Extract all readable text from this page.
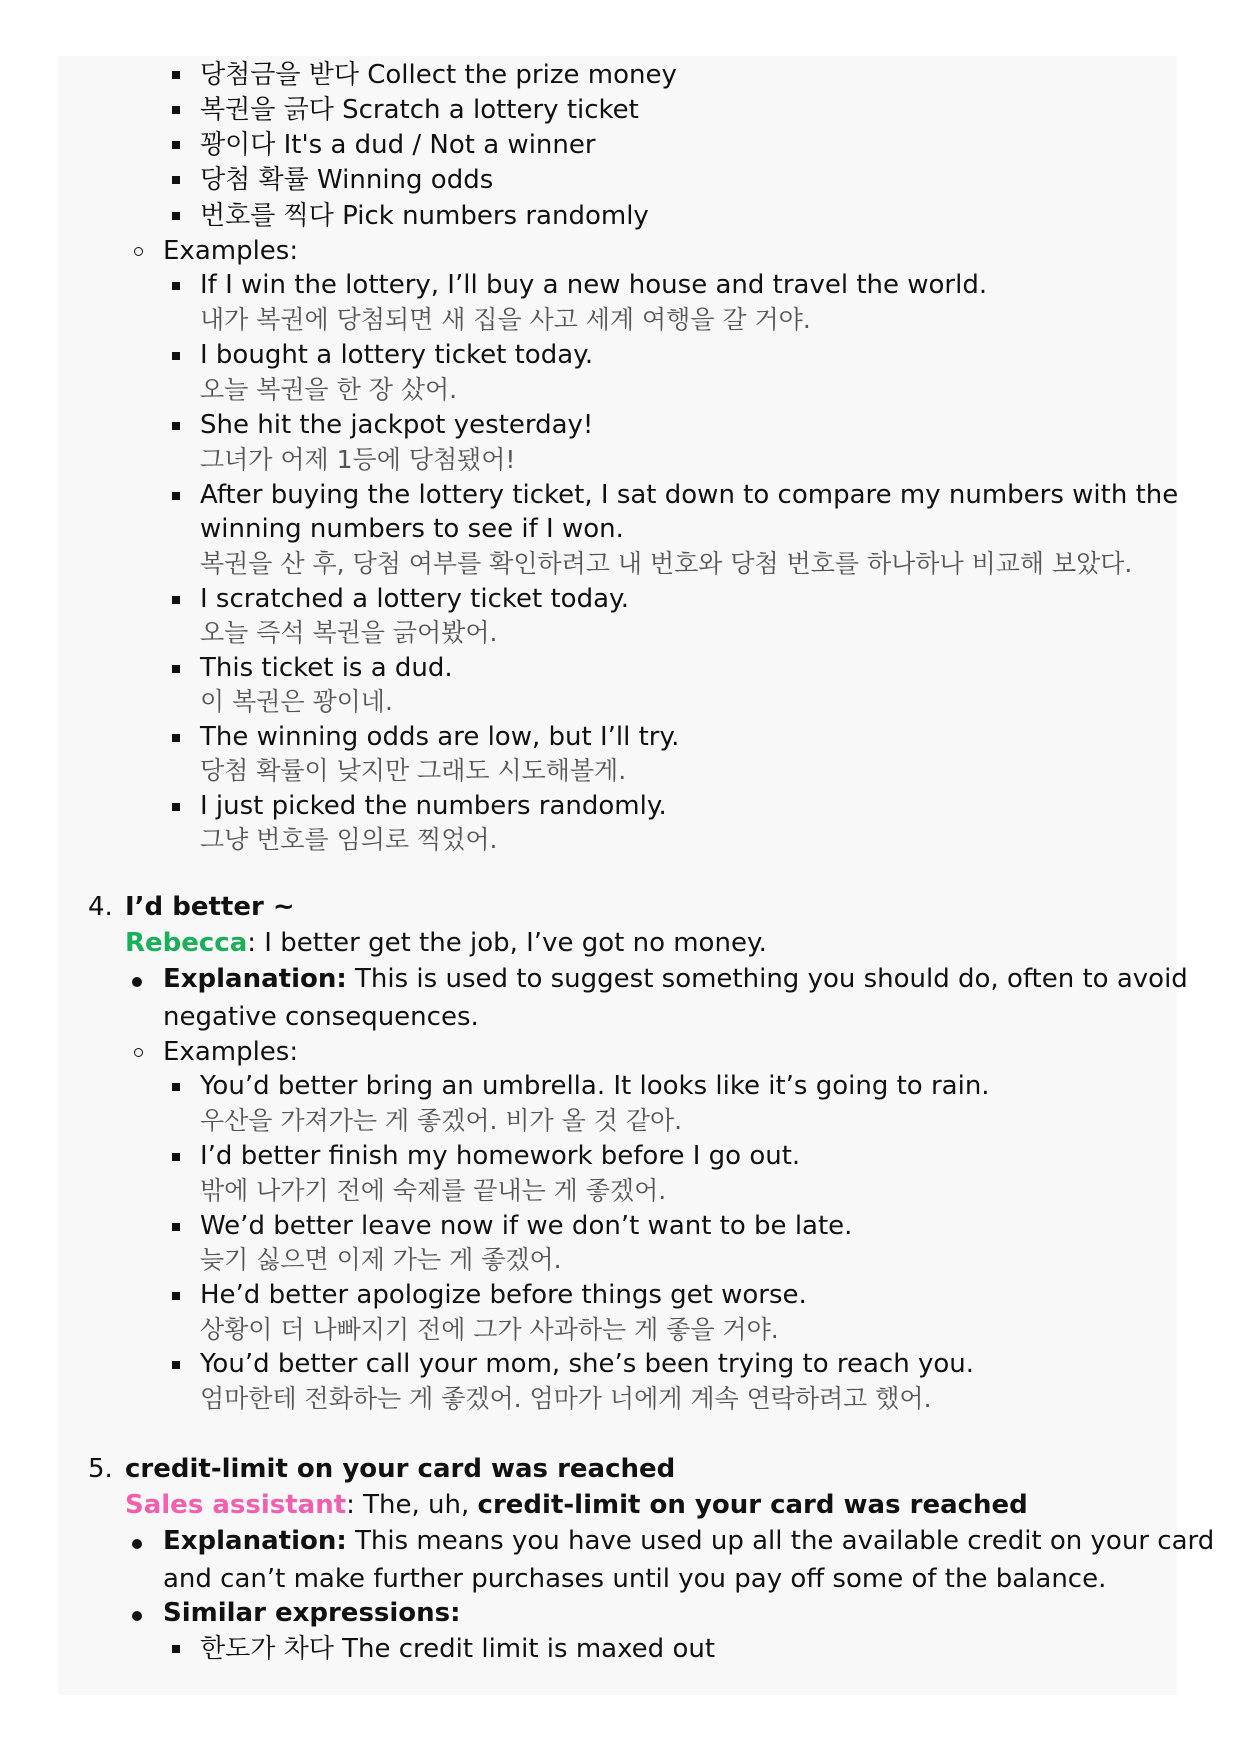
당첨금을 받다 Collect the prize money
복권을 긁다 Scratch a lottery ticket
꽝이다 It's a dud / Not a winner
당첨 확률 Winning odds
번호를 찍다 Pick numbers randomly
Examples:
If I win the lottery, I’ll buy a new house and travel the world.
내가 복권에 당첨되면 새 집을 사고 세계 여행을 갈 거야.
I bought a lottery ticket today.
오늘 복권을 한 장 샀어.
She hit the jackpot yesterday!
그녀가 어제 1등에 당첨됐어!
After buying the lottery ticket, I sat down to compare my numbers with the
winning numbers to see if I won.
복권을 산 후, 당첨 여부를 확인하려고 내 번호와 당첨 번호를 하나하나 비교해 보았다.
I scratched a lottery ticket today.
오늘 즉석 복권을 긁어봤어.
This ticket is a dud.
이 복권은 꽝이네.
The winning odds are low, but I’ll try.
당첨 확률이 낮지만 그래도 시도해볼게.
I just picked the numbers randomly.
그냥 번호를 임의로 찍었어.
4. I’d better ~
Rebecca: I better get the job, I’ve got no money.
Explanation: This is used to suggest something you should do, often to avoid
negative consequences.
Examples:
You’d better bring an umbrella. It looks like it’s going to rain.
우산을 가져가는 게 좋겠어. 비가 올 것 같아.
I’d better finish my homework before I go out.
밖에 나가기 전에 숙제를 끝내는 게 좋겠어.
We’d better leave now if we don’t want to be late.
늦기 싫으면 이제 가는 게 좋겠어.
He’d better apologize before things get worse.
상황이 더 나빠지기 전에 그가 사과하는 게 좋을 거야.
You’d better call your mom, she’s been trying to reach you.
엄마한테 전화하는 게 좋겠어. 엄마가 너에게 계속 연락하려고 했어.
5. credit-limit on your card was reached
Sales assistant: The, uh, credit-limit on your card was reached
Explanation: This means you have used up all the available credit on your card
and can’t make further purchases until you pay off some of the balance.
Similar expressions:
한도가 차다 The credit limit is maxed out
